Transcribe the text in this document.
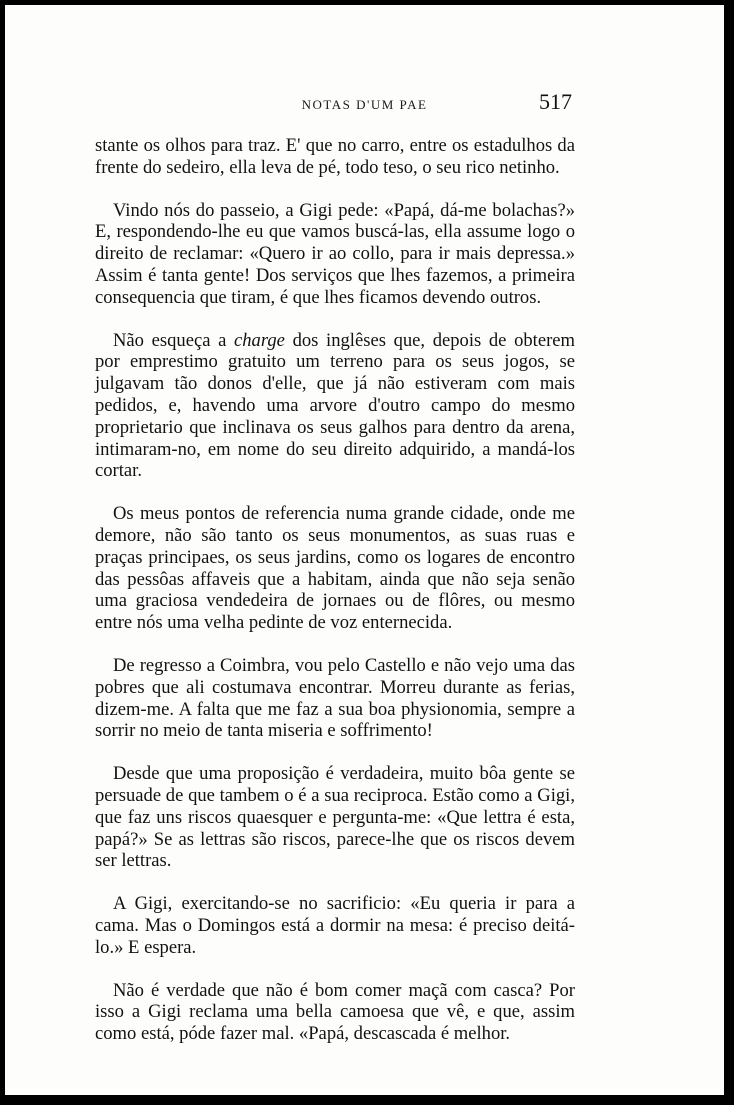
NOTAS D'UM PAE	517

stante os olhos para traz. E' que no carro, entre os estadulhos da frente do sedeiro, ella leva de pé, todo teso, o seu rico netinho.

Vindo nós do passeio, a Gigi pede: «Papá, dá-me bolachas?» E, respondendo-lhe eu que vamos buscá-las, ella assume logo o direito de reclamar: «Quero ir ao collo, para ir mais depressa.» Assim é tanta gente! Dos serviços que lhes fazemos, a primeira consequencia que tiram, é que lhes ficamos devendo outros.

Não esqueça a charge dos inglêses que, depois de obterem por emprestimo gratuito um terreno para os seus jogos, se julgavam tão donos d'elle, que já não estiveram com mais pedidos, e, havendo uma arvore d'outro campo do mesmo proprietario que inclinava os seus galhos para dentro da arena, intimaram-no, em nome do seu direito adquirido, a mandá-los cortar.

Os meus pontos de referencia numa grande cidade, onde me demore, não são tanto os seus monumentos, as suas ruas e praças principaes, os seus jardins, como os logares de encontro das pessôas affaveis que a habitam, ainda que não seja senão uma graciosa vendedeira de jornaes ou de flôres, ou mesmo entre nós uma velha pedinte de voz enternecida.

De regresso a Coimbra, vou pelo Castello e não vejo uma das pobres que ali costumava encontrar. Morreu durante as ferias, dizem-me. A falta que me faz a sua boa physionomia, sempre a sorrir no meio de tanta miseria e soffrimento!

Desde que uma proposição é verdadeira, muito bôa gente se persuade de que tambem o é a sua reciproca. Estão como a Gigi, que faz uns riscos quaesquer e pergunta-me: «Que lettra é esta, papá?» Se as lettras são riscos, parece-lhe que os riscos devem ser lettras.

A Gigi, exercitando-se no sacrificio: «Eu queria ir para a cama. Mas o Domingos está a dormir na mesa: é preciso deitá-lo.» E espera.

Não é verdade que não é bom comer maçã com casca? Por isso a Gigi reclama uma bella camoesa que vê, e que, assim como está, póde fazer mal. «Papá, descascada é melhor.
